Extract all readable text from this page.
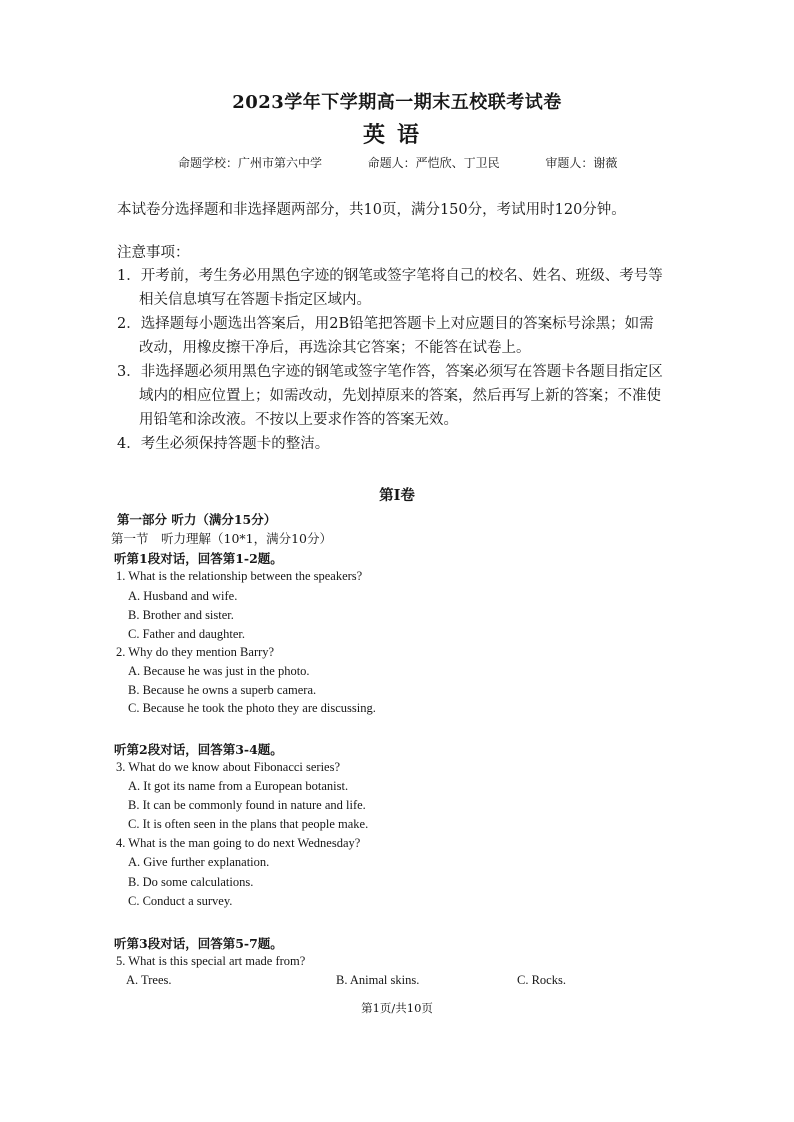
2023学年下学期高一期末五校联考试卷
英语
命题学校：广州市第六中学	命题人：严恺欣、丁卫民	审题人：谢薇
本试卷分选择题和非选择题两部分，共10页，满分150分，考试用时120分钟。
注意事项：
1．开考前，考生务必用黑色字迹的钢笔或签字笔将自己的校名、姓名、班级、考号等
相关信息填写在答题卡指定区域内。
2．选择题每小题选出答案后，用2B铅笔把答题卡上对应题目的答案标号涂黑；如需
改动，用橡皮擦干净后，再选涂其它答案；不能答在试卷上。
3．非选择题必须用黑色字迹的钢笔或签字笔作答，答案必须写在答题卡各题目指定区
域内的相应位置上；如需改动，先划掉原来的答案，然后再写上新的答案；不准使
用铅笔和涂改液。不按以上要求作答的答案无效。
4．考生必须保持答题卡的整洁。
第I卷
第一部分 听力（满分15分）
第一节　听力理解（10*1，满分10分）
听第1段对话，回答第1-2题。
1. What is the relationship between the speakers?
A. Husband and wife.
B. Brother and sister.
C. Father and daughter.
2. Why do they mention Barry?
A. Because he was just in the photo.
B. Because he owns a superb camera.
C. Because he took the photo they are discussing.
听第2段对话，回答第3-4题。
3. What do we know about Fibonacci series?
A. It got its name from a European botanist.
B. It can be commonly found in nature and life.
C. It is often seen in the plans that people make.
4. What is the man going to do next Wednesday?
A. Give further explanation.
B. Do some calculations.
C. Conduct a survey.
听第3段对话，回答第5-7题。
5. What is this special art made from?
A. Trees.	B. Animal skins.	C. Rocks.
第1页/共10页
